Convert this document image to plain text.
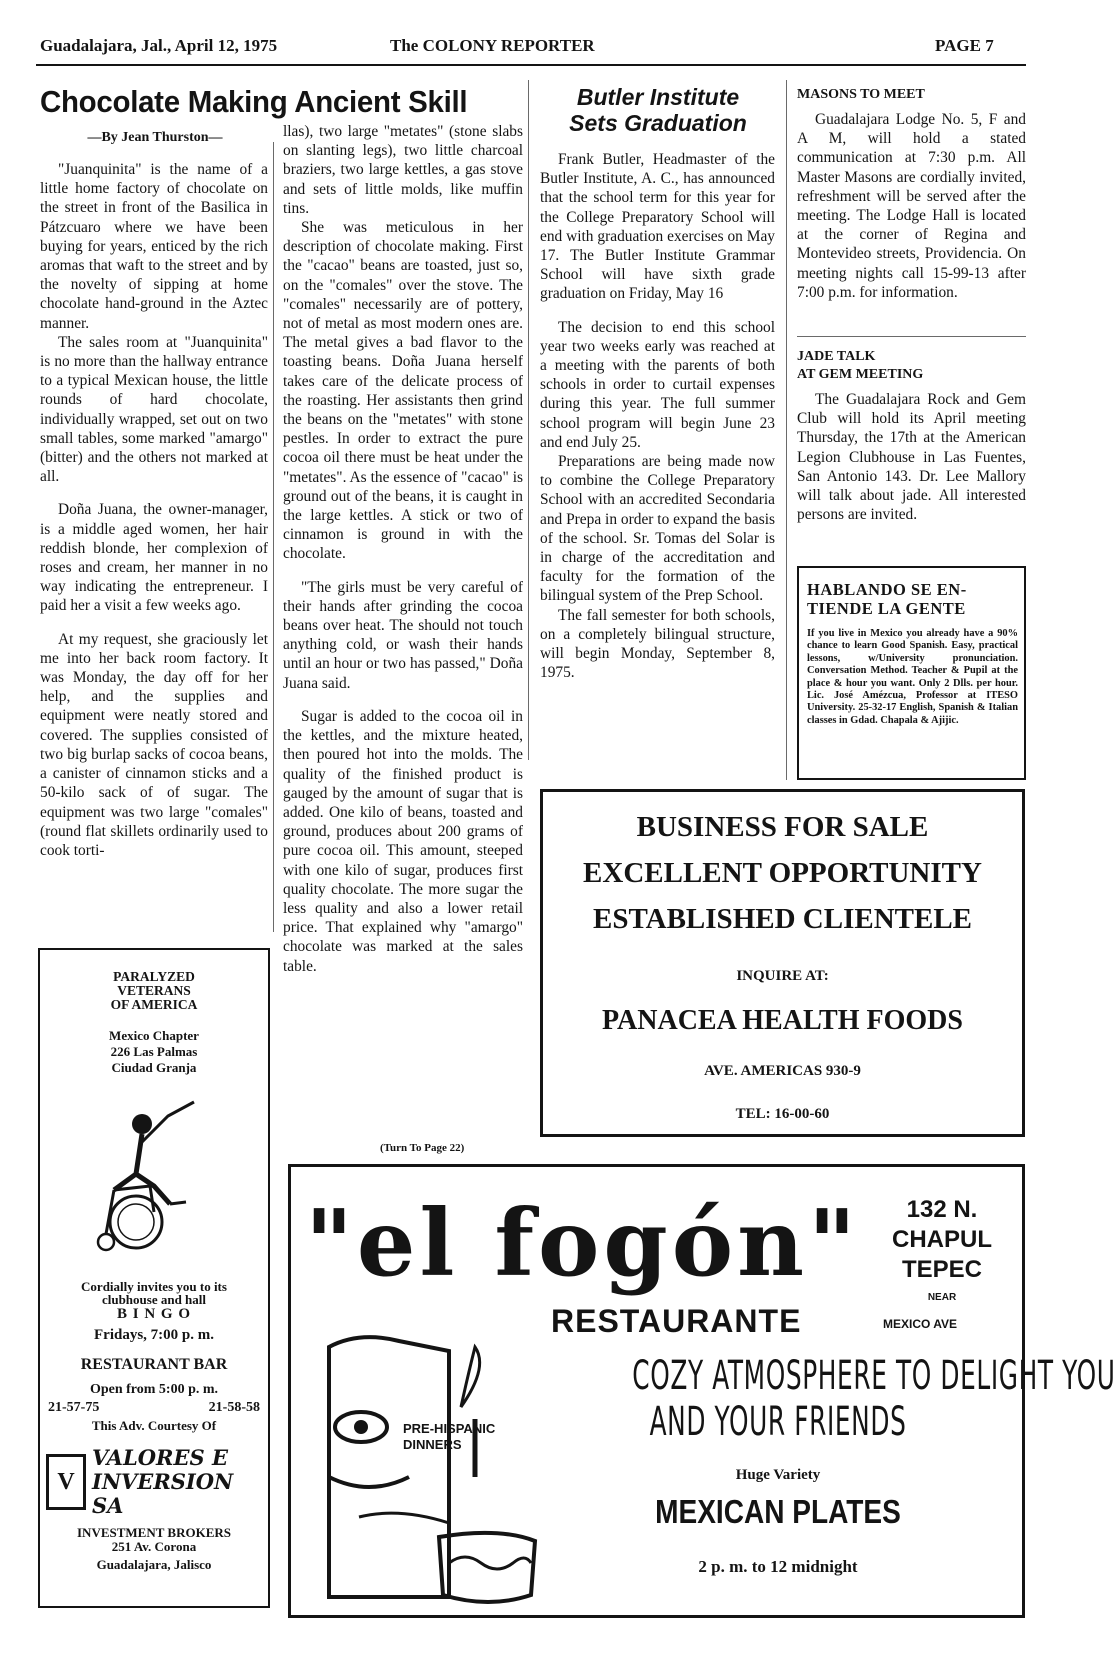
Guadalajara, Jal., April 12, 1975	The COLONY REPORTER	PAGE 7
Chocolate Making Ancient Skill
—By Jean Thurston—

"Juanquinita" is the name of a little home factory of chocolate on the street in front of the Basilica in Pátzcuaro where we have been buying for years, enticed by the rich aromas that waft to the street and by the novelty of sipping at home chocolate hand-ground in the Aztec manner.

The sales room at "Juanquinita" is no more than the hallway entrance to a typical Mexican house, the little rounds of hard chocolate, individually wrapped, set out on two small tables, some marked "amargo" (bitter) and the others not marked at all.

Doña Juana, the owner-manager, is a middle aged women, her hair reddish blonde, her complexion of roses and cream, her manner in no way indicating the entrepreneur. I paid her a visit a few weeks ago.

At my request, she graciously let me into her back room factory. It was Monday, the day off for her help, and the supplies and equipment were neatly stored and covered. The supplies consisted of two big burlap sacks of cocoa beans, a canister of cinnamon sticks and a 50-kilo sack of of sugar. The equipment was two large "comales" (round flat skillets ordinarily used to cook torti-

llas), two large "metates" (stone slabs on slanting legs), two little charcoal braziers, two large kettles, a gas stove and sets of little molds, like muffin tins.

She was meticulous in her description of chocolate making. First the "cacao" beans are toasted, just so, on the "comales" over the stove. The "comales" necessarily are of pottery, not of metal as most modern ones are. The metal gives a bad flavor to the toasting beans. Doña Juana herself takes care of the delicate process of the roasting. Her assistants then grind the beans on the "metates" with stone pestles. In order to extract the pure cocoa oil there must be heat under the "metates". As the essence of "cacao" is ground out of the beans, it is caught in the large kettles. A stick or two of cinnamon is ground in with the chocolate.

"The girls must be very careful of their hands after grinding the cocoa beans over heat. The should not touch anything cold, or wash their hands until an hour or two has passed," Doña Juana said.

Sugar is added to the cocoa oil in the kettles, and the mixture heated, then poured hot into the molds. The quality of the finished product is gauged by the amount of sugar that is added. One kilo of beans, toasted and ground, produces about 200 grams of pure cocoa oil. This amount, steeped with one kilo of sugar, produces first quality chocolate. The more sugar the less quality and also a lower retail price. That explained why "amargo" chocolate was marked at the sales table.

(Turn To Page 22)
Butler Institute
Sets Graduation

Frank Butler, Headmaster of the Butler Institute, A. C., has announced that the school term for this year for the College Preparatory School will end with graduation exercises on May 17. The Butler Institute Grammar School will have sixth grade graduation on Friday, May 16

The decision to end this school year two weeks early was reached at a meeting with the parents of both schools in order to curtail expenses during this year. The full summer school program will begin June 23 and end July 25.

Preparations are being made now to combine the College Preparatory School with an accredited Secondaria and Prepa in order to expand the basis of the school. Sr. Tomas del Solar is in charge of the accreditation and faculty for the formation of the bilingual system of the Prep School.

The fall semester for both schools, on a completely bilingual structure, will begin Monday, September 8, 1975.

MASONS TO MEET

Guadalajara Lodge No. 5, F and A M, will hold a stated communication at 7:30 p.m. All Master Masons are cordially invited, refreshment will be served after the meeting. The Lodge Hall is located at the corner of Regina and Montevideo streets, Providencia. On meeting nights call 15-99-13 after 7:00 p.m. for information.

JADE TALK
AT GEM MEETING

The Guadalajara Rock and Gem Club will hold its April meeting Thursday, the 17th at the American Legion Clubhouse in Las Fuentes, San Antonio 143. Dr. Lee Mallory will talk about jade. All interested persons are invited.

HABLANDO SE EN-
TIENDE LA GENTE
If you live in Mexico you already have a 90% chance to learn Good Spanish. Easy, practical lessons, w/University pronunciation. Conversation Method. Teacher & Pupil at the place & hour you want. Only 2 Dlls. per hour. Lic. José Amézcua, Professor at ITESO University. 25-32-17 English, Spanish & Italian classes in Gdad. Chapala & Ajijic.
BUSINESS FOR SALE
EXCELLENT OPPORTUNITY
ESTABLISHED CLIENTELE
INQUIRE AT:
PANACEA HEALTH FOODS
AVE. AMERICAS 930-9
TEL: 16-00-60
PARALYZED
VETERANS
OF AMERICA
Mexico Chapter
226 Las Palmas
Ciudad Granja
Cordially invites you to its
clubhouse and hall
B I N G O
Fridays, 7:00 p. m.
RESTAURANT BAR
Open from 5:00 p. m.
21-57-75	21-58-58
This Adv. Courtesy Of
V
VALORES E
INVERSION SA
INVESTMENT BROKERS
251 Av. Corona
Guadalajara, Jalisco
"el fogón"	132 N.
CHAPUL
TEPEC
NEAR
RESTAURANTE	MEXICO AVE
PRE-HISPANIC
DINNERS
COZY ATMOSPHERE TO DELIGHT YOU
AND YOUR FRIENDS
Huge Variety
MEXICAN PLATES
2 p. m. to 12 midnight
